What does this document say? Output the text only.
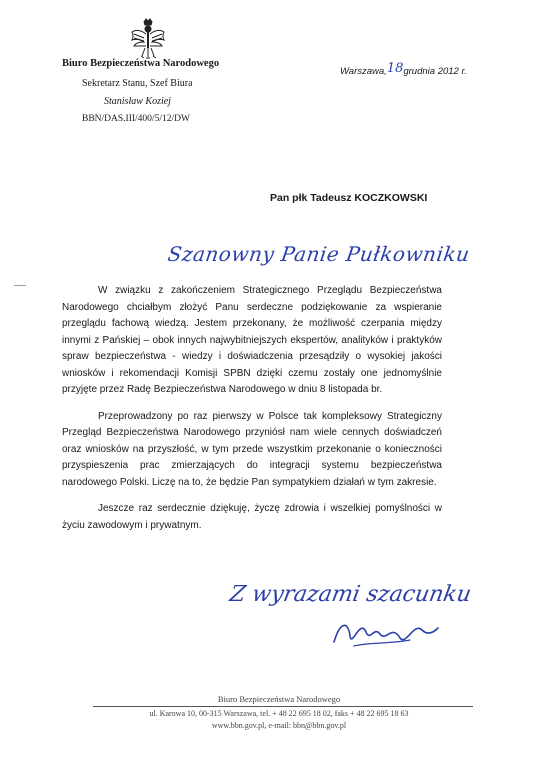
Biuro Bezpieczeństwa Narodowego
Sekretarz Stanu, Szef Biura
Stanisław Koziej
BBN/DAS.III/400/5/12/DW
Warszawa,18grudnia 2012 r.
Pan płk Tadeusz KOCZKOWSKI
Szanowny Panie Pułkowniku

W związku z zakończeniem Strategicznego Przeglądu Bezpieczeństwa Narodowego chciałbym złożyć Panu serdeczne podziękowanie za wspieranie przeglądu fachową wiedzą. Jestem przekonany, że możliwość czerpania między innymi z Pańskiej – obok innych najwybitniejszych ekspertów, analityków i praktyków spraw bezpieczeństwa - wiedzy i doświadczenia przesądziły o wysokiej jakości wniosków i rekomendacji Komisji SPBN dzięki czemu zostały one jednomyślnie przyjęte przez Radę Bezpieczeństwa Narodowego w dniu 8 listopada br.

Przeprowadzony po raz pierwszy w Polsce tak kompleksowy Strategiczny Przegląd Bezpieczeństwa Narodowego przyniósł nam wiele cennych doświadczeń oraz wniosków na przyszłość, w tym przede wszystkim przekonanie o konieczności przyspieszenia prac zmierzających do integracji systemu bezpieczeństwa narodowego Polski. Liczę na to, że będzie Pan sympatykiem działań w tym zakresie.

Jeszcze raz serdecznie dziękuję, życzę zdrowia i wszelkiej pomyślności w życiu zawodowym i prywatnym.

Z wyrazami szacunku
Biuro Bezpieczeństwa Narodowego
ul. Karowa 10, 00-315 Warszawa, tel. + 48 22 695 18 02, faks + 48 22 695 18 63
www.bbn.gov.pl, e-mail: bbn@bbn.gov.pl
